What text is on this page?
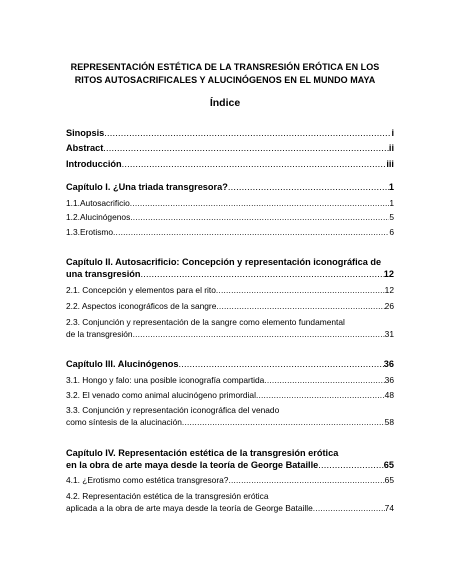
REPRESENTACIÓN ESTÉTICA DE LA TRANSRESIÓN ERÓTICA EN LOS
RITOS AUTOSACRIFICALES Y ALUCINÓGENOS EN EL MUNDO MAYA
Índice
Sinopsis .....	i
Abstract .....	ii
Introducción .....	iii
Capítulo I. ¿Una triada transgresora? .....	1
1.1.Autosacrificio .....	1
1.2.Alucinógenos .....	5
1.3.Erotismo .....	6
Capítulo II. Autosacrificio: Concepción y representación iconográfica de
una transgresión .....	12
2.1. Concepción y elementos para el rito .....	12
2.2. Aspectos iconográficos de la sangre .....	26
2.3. Conjunción y representación de la sangre como elemento fundamental
de la transgresión .....	31
Capítulo III. Alucinógenos .....	36
3.1. Hongo y falo: una posible iconografía compartida .....	36
3.2. El venado como animal alucinógeno primordial .....	48
3.3. Conjunción y representación iconográfica del venado
como síntesis de la alucinación .....	58
Capítulo IV. Representación estética de la transgresión erótica
en la obra de arte maya desde la teoría de George Bataille .....	65
4.1. ¿Erotismo como estética transgresora? .....	65
4.2. Representación estética de la transgresión erótica
aplicada a la obra de arte maya desde la teoría de George Bataille .....	74
